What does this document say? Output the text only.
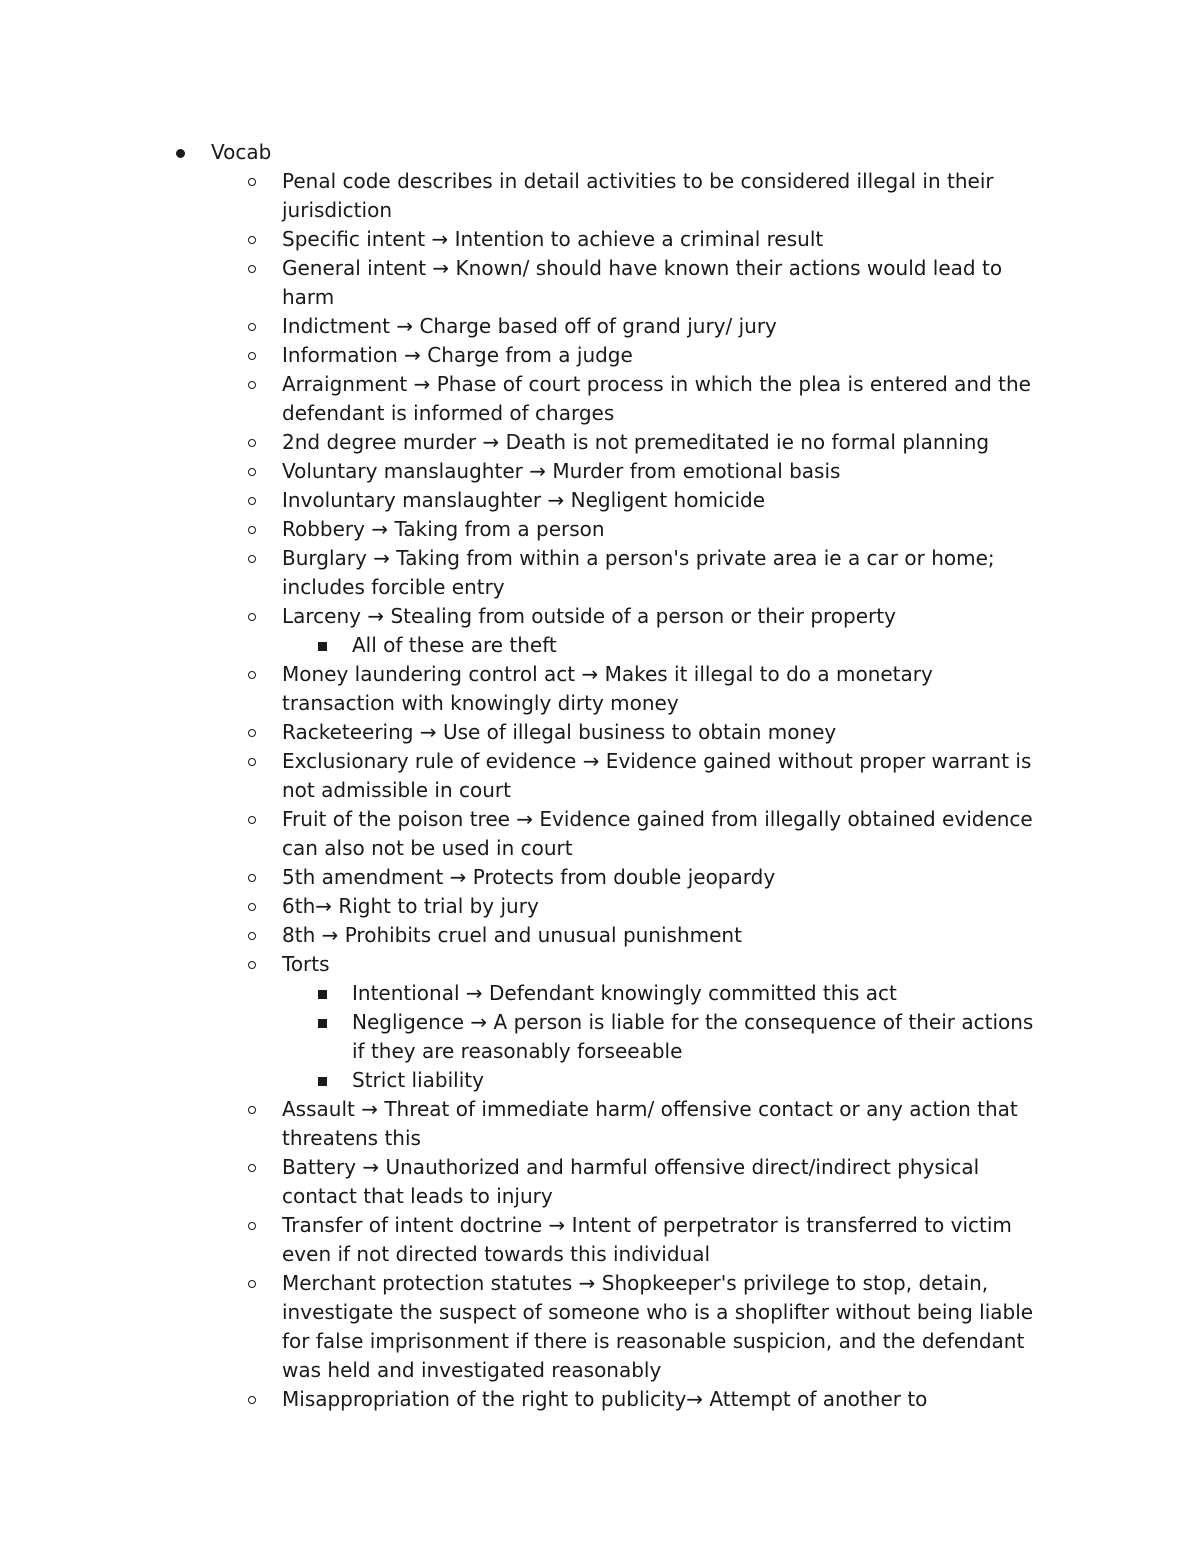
Vocab
Penal code describes in detail activities to be considered illegal in their jurisdiction
Specific intent → Intention to achieve a criminal result
General intent → Known/ should have known their actions would lead to harm
Indictment → Charge based off of grand jury/ jury
Information → Charge from a judge
Arraignment → Phase of court process in which the plea is entered and the defendant is informed of charges
2nd degree murder → Death is not premeditated ie no formal planning
Voluntary manslaughter → Murder from emotional basis
Involuntary manslaughter → Negligent homicide
Robbery → Taking from a person
Burglary → Taking from within a person's private area ie a car or home; includes forcible entry
Larceny → Stealing from outside of a person or their property
All of these are theft
Money laundering control act → Makes it illegal to do a monetary transaction with knowingly dirty money
Racketeering → Use of illegal business to obtain money
Exclusionary rule of evidence → Evidence gained without proper warrant is not admissible in court
Fruit of the poison tree → Evidence gained from illegally obtained evidence can also not be used in court
5th amendment → Protects from double jeopardy
6th→ Right to trial by jury
8th → Prohibits cruel and unusual punishment
Torts
Intentional → Defendant knowingly committed this act
Negligence → A person is liable for the consequence of their actions if they are reasonably forseeable
Strict liability
Assault → Threat of immediate harm/ offensive contact or any action that threatens this
Battery → Unauthorized and harmful offensive direct/indirect physical contact that leads to injury
Transfer of intent doctrine → Intent of perpetrator is transferred to victim even if not directed towards this individual
Merchant protection statutes → Shopkeeper's privilege to stop, detain, investigate the suspect of someone who is a shoplifter without being liable for false imprisonment if there is reasonable suspicion, and the defendant was held and investigated reasonably
Misappropriation of the right to publicity→ Attempt of another to
